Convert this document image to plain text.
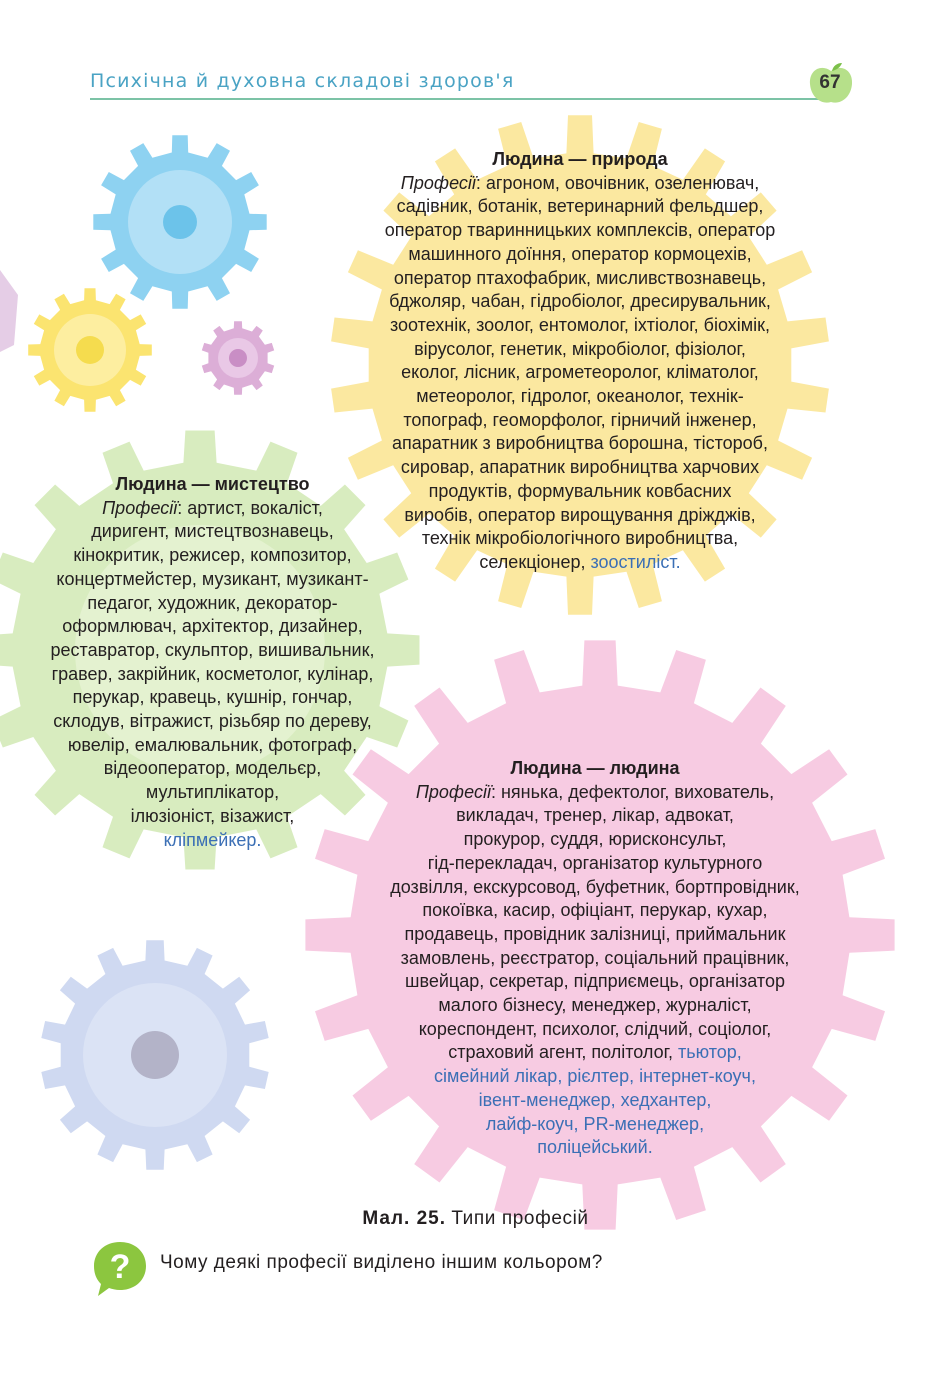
Психічна й духовна складові здоров'я	67
Людина — природа
Професії: агроном, овочівник, озеленювач,
садівник, ботанік, ветеринарний фельдшер,
оператор тваринницьких комплексів, оператор
машинного доїння, оператор кормоцехів,
оператор птахофабрик, мисливствознавець,
бджоляр, чабан, гідробіолог, дресирувальник,
зоотехнік, зоолог, ентомолог, іхтіолог, біохімік,
вірусолог, генетик, мікробіолог, фізіолог,
еколог, лісник, агрометеоролог, кліматолог,
метеоролог, гідролог, океанолог, технік-
топограф, геоморфолог, гірничий інженер,
апаратник з виробництва борошна, тістороб,
сировар, апаратник виробництва харчових
продуктів, формувальник ковбасних
виробів, оператор вирощування дріжджів,
технік мікробіологічного виробництва,
селекціонер, зоостиліст.
Людина — мистецтво
Професії: артист, вокаліст,
диригент, мистецтвознавець,
кінокритик, режисер, композитор,
концертмейстер, музикант, музикант-
педагог, художник, декоратор-
оформлювач, архітектор, дизайнер,
реставратор, скульптор, вишивальник,
гравер, закрійник, косметолог, кулінар,
перукар, кравець, кушнір, гончар,
склодув, вітражист, різьбяр по дереву,
ювелір, емалювальник, фотограф,
відеооператор, модельєр,
мультиплікатор,
ілюзіоніст, візажист,
кліпмейкер.
Людина — людина
Професії: нянька, дефектолог, вихователь,
викладач, тренер, лікар, адвокат,
прокурор, суддя, юрисконсульт,
гід-перекладач, організатор культурного
дозвілля, екскурсовод, буфетник, бортпровідник,
покоївка, касир, офіціант, перукар, кухар,
продавець, провідник залізниці, приймальник
замовлень, реєстратор, соціальний працівник,
швейцар, секретар, підприємець, організатор
малого бізнесу, менеджер, журналіст,
кореспондент, психолог, слідчий, соціолог,
страховий агент, політолог, тьютор,
сімейний лікар, рієлтер, інтернет-коуч,
івент-менеджер, хедхантер,
лайф-коуч, PR-менеджер,
поліцейський.
Мал. 25. Типи професій
? Чому деякі професії виділено іншим кольором?
